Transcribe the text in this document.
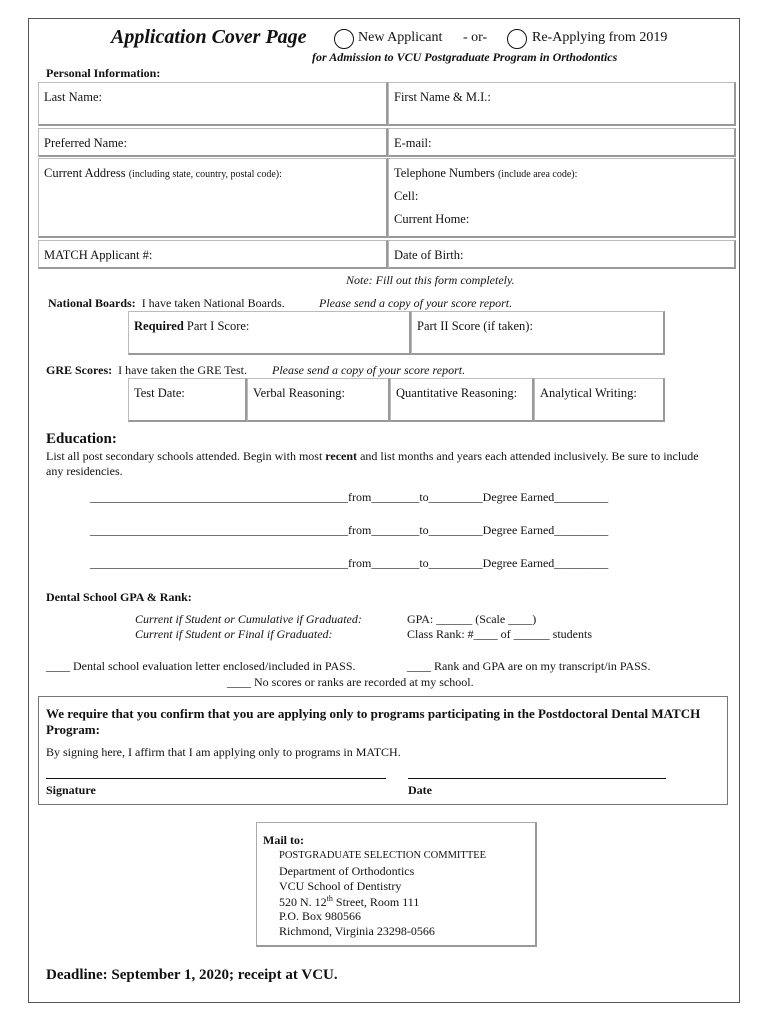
Application Cover Page	New Applicant - or-	Re-Applying from 2019
for Admission to VCU Postgraduate Program in Orthodontics
Personal Information:
Last Name:	First Name & M.I.:
Preferred Name:	E-mail:
Current Address (including state, country, postal code):	Telephone Numbers (include area code):
Cell:
Current Home:
MATCH Applicant #:	Date of Birth:
Note: Fill out this form completely.
National Boards: I have taken National Boards.	Please send a copy of your score report.
Required Part I Score:	Part II Score (if taken):
GRE Scores: I have taken the GRE Test. Please send a copy of your score report.
Test Date:	Verbal Reasoning:	Quantitative Reasoning:	Analytical Writing:
Education:
List all post secondary schools attended. Begin with most recent and list months and years each attended inclusively. Be sure to include any residencies.
___________________________________________from________to_________Degree Earned_________
___________________________________________from________to_________Degree Earned_________
___________________________________________from________to_________Degree Earned_________
Dental School GPA & Rank:
Current if Student or Cumulative if Graduated:	GPA: ______ (Scale ____)
Current if Student or Final if Graduated:	Class Rank: #____ of ______ students
____ Dental school evaluation letter enclosed/included in PASS.	____ Rank and GPA are on my transcript/in PASS.
____ No scores or ranks are recorded at my school.
We require that you confirm that you are applying only to programs participating in the Postdoctoral Dental MATCH Program:
By signing here, I affirm that I am applying only to programs in MATCH.
Signature	Date
Mail to:
POSTGRADUATE SELECTION COMMITTEE
Department of Orthodontics
VCU School of Dentistry
520 N. 12th Street, Room 111
P.O. Box 980566
Richmond, Virginia 23298-0566
Deadline: September 1, 2020; receipt at VCU.
